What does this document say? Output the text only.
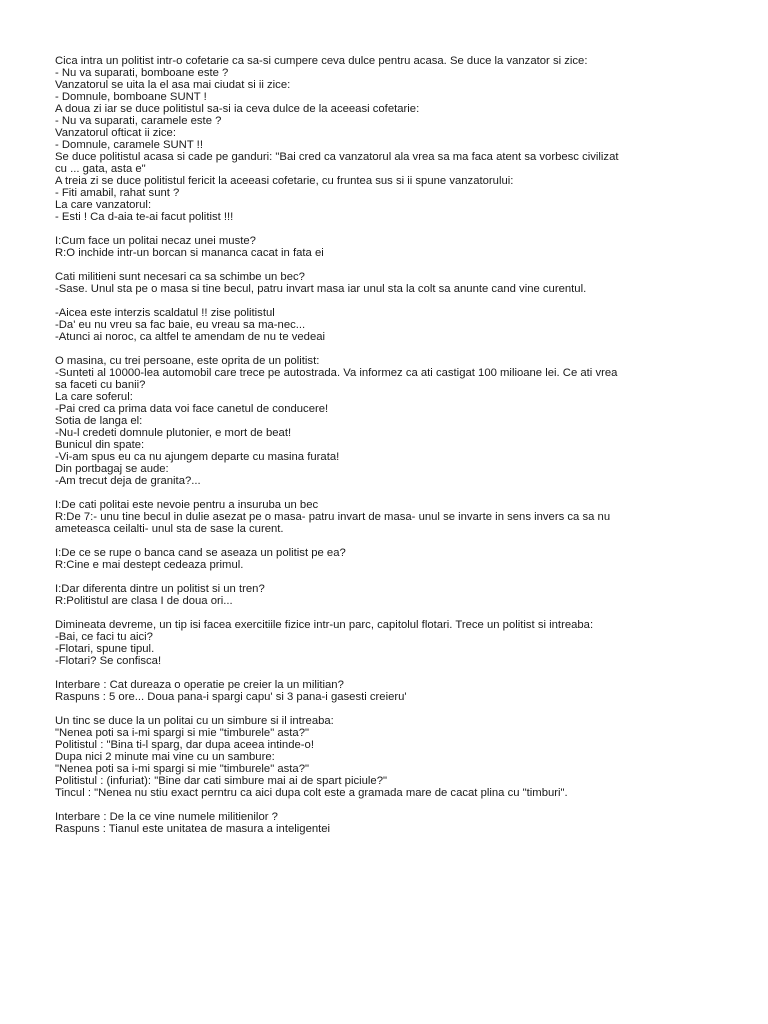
Cica intra un politist intr-o cofetarie ca sa-si cumpere ceva dulce pentru acasa. Se duce la vanzator si zice:
- Nu va suparati, bomboane este ?
Vanzatorul se uita la el asa mai ciudat si ii zice:
- Domnule, bomboane SUNT !
A doua zi iar se duce politistul sa-si ia ceva dulce de la aceeasi cofetarie:
- Nu va suparati, caramele este ?
Vanzatorul ofticat ii zice:
- Domnule, caramele SUNT !!
Se duce politistul acasa si cade pe ganduri: "Bai cred ca vanzatorul ala vrea sa ma faca atent sa vorbesc civilizat
cu ... gata, asta e"
A treia zi se duce politistul fericit la aceeasi cofetarie, cu fruntea sus si ii spune vanzatorului:
- Fiti amabil, rahat sunt ?
La care vanzatorul:
- Esti ! Ca d-aia te-ai facut politist !!!
I:Cum face un politai necaz unei muste?
R:O inchide intr-un borcan si mananca cacat in fata ei
Cati militieni sunt necesari ca sa schimbe un bec?
-Sase. Unul sta pe o masa si tine becul, patru invart masa iar unul sta la colt sa anunte cand vine curentul.
-Aicea este interzis scaldatul !! zise politistul
-Da' eu nu vreu sa fac baie, eu vreau sa ma-nec...
-Atunci ai noroc, ca altfel te amendam de nu te vedeai
O masina, cu trei persoane, este oprita de un politist:
-Sunteti al 10000-lea automobil care trece pe autostrada. Va informez ca ati castigat 100 milioane lei. Ce ati vrea
sa faceti cu banii?
La care soferul:
-Pai cred ca prima data voi face canetul de conducere!
Sotia de langa el:
-Nu-l credeti domnule plutonier, e mort de beat!
Bunicul din spate:
-Vi-am spus eu ca nu ajungem departe cu masina furata!
Din portbagaj se aude:
-Am trecut deja de granita?...
I:De cati politai este nevoie pentru a insuruba un bec
R:De 7:- unu tine becul in dulie asezat pe o masa- patru invart de masa- unul se invarte in sens invers ca sa nu
ameteasca ceilalti- unul sta de sase la curent.
I:De ce se rupe o banca cand se aseaza un politist pe ea?
R:Cine e mai destept cedeaza primul.
I:Dar diferenta dintre un politist si un tren?
R:Politistul are clasa I de doua ori...
Dimineata devreme, un tip isi facea exercitiile fizice intr-un parc, capitolul flotari. Trece un politist si intreaba:
-Bai, ce faci tu aici?
-Flotari, spune tipul.
-Flotari? Se confisca!
Interbare : Cat dureaza o operatie pe creier la un militian?
Raspuns : 5 ore... Doua pana-i spargi capu' si 3 pana-i gasesti creieru'
Un tinc se duce la un politai cu un simbure si il intreaba:
"Nenea poti sa i-mi spargi si mie "timburele" asta?"
Politistul : "Bina ti-l sparg, dar dupa aceea intinde-o!
Dupa nici 2 minute mai vine cu un sambure:
"Nenea poti sa i-mi spargi si mie "timburele" asta?"
Politistul : (infuriat): "Bine dar cati simbure mai ai de spart piciule?"
Tincul : "Nenea nu stiu exact perntru ca aici dupa colt este a gramada mare de cacat plina cu "timburi".
Interbare : De la ce vine numele militienilor ?
Raspuns : Tianul este unitatea de masura a inteligentei
